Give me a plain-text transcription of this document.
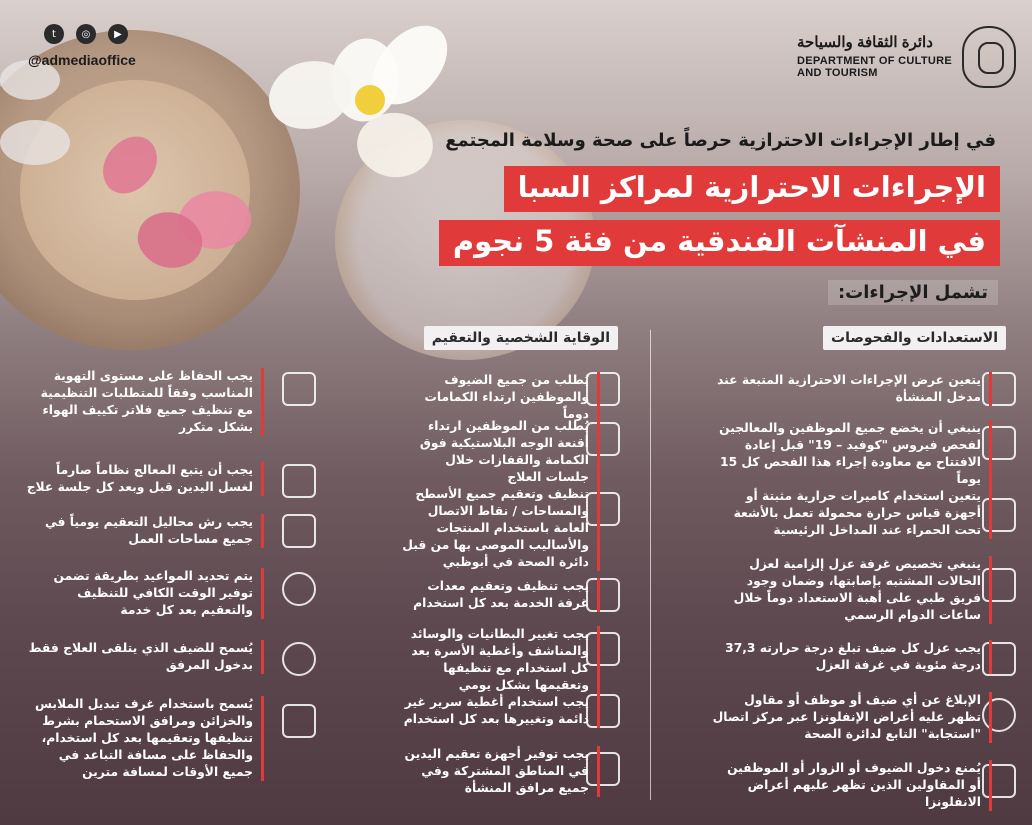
t	◎	▶
@admediaoffice
دائرة الثقافة والسياحة
DEPARTMENT OF CULTURE
AND TOURISM
في إطار الإجراءات الاحترازية حرصاً على صحة وسلامة المجتمع
الإجراءات الاحترازية لمراكز السبا
في المنشآت الفندقية من فئة 5 نجوم
تشمل الإجراءات:
الاستعدادات والفحوصات
الوقاية الشخصية والتعقيم
يتعين عرض الإجراءات الاحترازية المتبعة عند مدخل المنشأة
ينبغي أن يخضع جميع الموظفين والمعالجين لفحص فيروس "كوفيد – 19" قبل إعادة الافتتاح مع معاودة إجراء هذا الفحص كل 15 يوماً
يتعين استخدام كاميرات حرارية مثبتة أو أجهزة قياس حرارة محمولة تعمل بالأشعة تحت الحمراء عند المداخل الرئيسية
ينبغي تخصيص غرفة عزل إلزامية لعزل الحالات المشتبه بإصابتها، وضمان وجود فريق طبي على أهبة الاستعداد دوماً خلال ساعات الدوام الرسمي
يجب عزل كل ضيف تبلغ درجة حرارته 37,3 درجة مئوية في غرفة العزل
الإبلاغ عن أي ضيف أو موظف أو مقاول تظهر عليه أعراض الإنفلونزا عبر مركز اتصال "استجابة" التابع لدائرة الصحة
يُمنع دخول الضيوف أو الزوار أو الموظفين أو المقاولين الذين تظهر عليهم أعراض الانفلونزا
يُطلب من جميع الضيوف والموظفين ارتداء الكمامات دوماً
يُطلب من الموظفين ارتداء أقنعة الوجه البلاستيكية فوق الكمامة والقفازات خلال جلسات العلاج
تنظيف وتعقيم جميع الأسطح والمساحات / نقاط الاتصال العامة باستخدام المنتجات والأساليب الموصى بها من قبل دائرة الصحة في أبوظبي
يجب تنظيف وتعقيم معدات غرفة الخدمة بعد كل استخدام
يجب تغيير البطانيات والوسائد والمناشف وأغطية الأسرة بعد كل استخدام مع تنظيفها وتعقيمها بشكل يومي
يجب استخدام أغطية سرير غير دائمة وتغييرها بعد كل استخدام
يجب توفير أجهزة تعقيم اليدين في المناطق المشتركة وفي جميع مرافق المنشأة
يجب الحفاظ على مستوى التهوية المناسب وفقاً للمتطلبات التنظيمية مع تنظيف جميع فلاتر تكييف الهواء بشكل متكرر
يجب أن يتبع المعالج نظاماً صارماً لغسل اليدين قبل وبعد كل جلسة علاج
يجب رش محاليل التعقيم يومياً في جميع مساحات العمل
يتم تحديد المواعيد بطريقة تضمن توفير الوقت الكافي للتنظيف والتعقيم بعد كل خدمة
يُسمح للضيف الذي يتلقى العلاج فقط بدخول المرفق
يُسمح باستخدام غرف تبديل الملابس والخزائن ومرافق الاستحمام بشرط تنظيفها وتعقيمها بعد كل استخدام، والحفاظ على مسافة التباعد في جميع الأوقات لمسافة مترين
